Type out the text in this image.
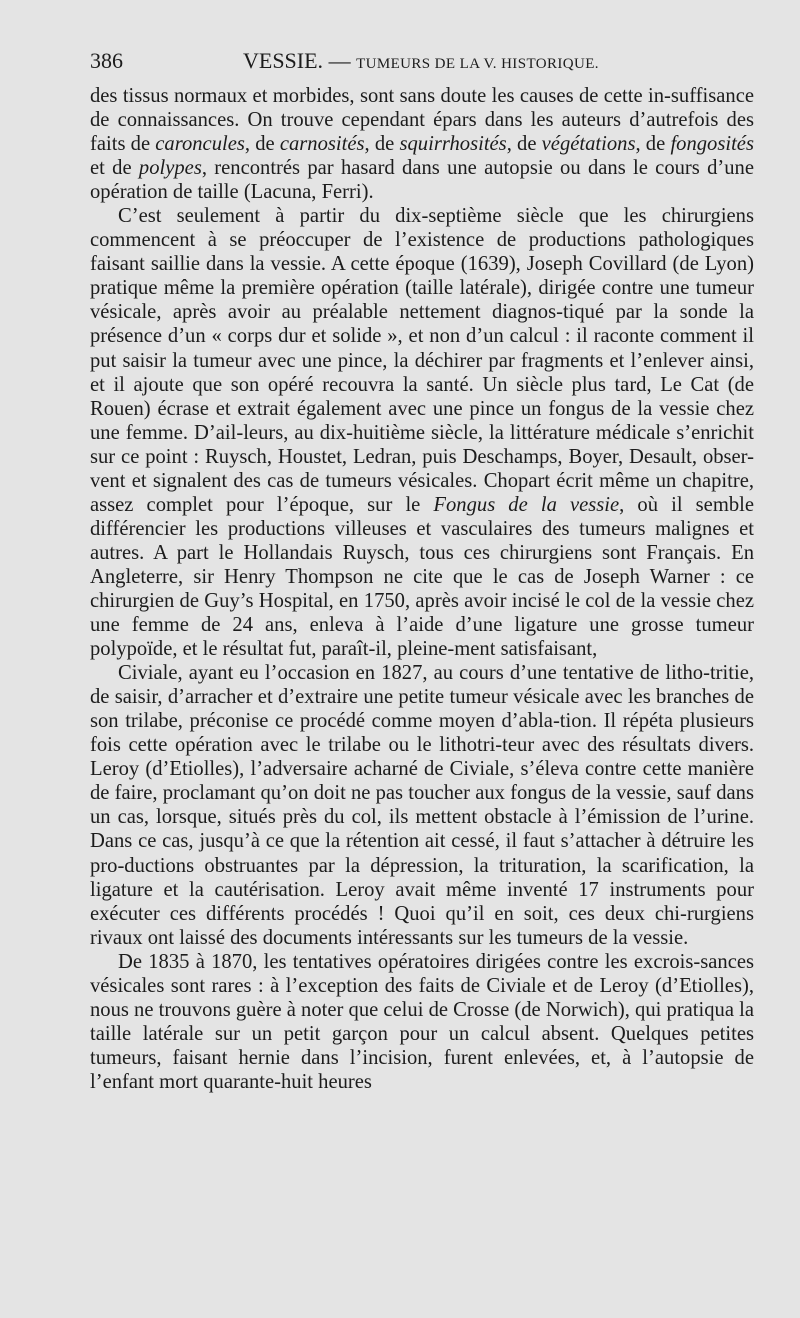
386	VESSIE. — TUMEURS DE LA V. HISTORIQUE.

des tissus normaux et morbides, sont sans doute les causes de cette in-suffisance de connaissances. On trouve cependant épars dans les auteurs d’autrefois des faits de caroncules, de carnosités, de squirrhosités, de végétations, de fongosités et de polypes, rencontrés par hasard dans une autopsie ou dans le cours d’une opération de taille (Lacuna, Ferri).

C’est seulement à partir du dix-septième siècle que les chirurgiens commencent à se préoccuper de l’existence de productions pathologiques faisant saillie dans la vessie. A cette époque (1639), Joseph Covillard (de Lyon) pratique même la première opération (taille latérale), dirigée contre une tumeur vésicale, après avoir au préalable nettement diagnos-tiqué par la sonde la présence d’un « corps dur et solide », et non d’un calcul : il raconte comment il put saisir la tumeur avec une pince, la déchirer par fragments et l’enlever ainsi, et il ajoute que son opéré recouvra la santé. Un siècle plus tard, Le Cat (de Rouen) écrase et extrait également avec une pince un fongus de la vessie chez une femme. D’ail-leurs, au dix-huitième siècle, la littérature médicale s’enrichit sur ce point : Ruysch, Houstet, Ledran, puis Deschamps, Boyer, Desault, obser-vent et signalent des cas de tumeurs vésicales. Chopart écrit même un chapitre, assez complet pour l’époque, sur le Fongus de la vessie, où il semble différencier les productions villeuses et vasculaires des tumeurs malignes et autres. A part le Hollandais Ruysch, tous ces chirurgiens sont Français. En Angleterre, sir Henry Thompson ne cite que le cas de Joseph Warner : ce chirurgien de Guy’s Hospital, en 1750, après avoir incisé le col de la vessie chez une femme de 24 ans, enleva à l’aide d’une ligature une grosse tumeur polypoïde, et le résultat fut, paraît-il, pleine-ment satisfaisant,

Civiale, ayant eu l’occasion en 1827, au cours d’une tentative de litho-tritie, de saisir, d’arracher et d’extraire une petite tumeur vésicale avec les branches de son trilabe, préconise ce procédé comme moyen d’abla-tion. Il répéta plusieurs fois cette opération avec le trilabe ou le lithotri-teur avec des résultats divers. Leroy (d’Etiolles), l’adversaire acharné de Civiale, s’éleva contre cette manière de faire, proclamant qu’on doit ne pas toucher aux fongus de la vessie, sauf dans un cas, lorsque, situés près du col, ils mettent obstacle à l’émission de l’urine. Dans ce cas, jusqu’à ce que la rétention ait cessé, il faut s’attacher à détruire les pro-ductions obstruantes par la dépression, la trituration, la scarification, la ligature et la cautérisation. Leroy avait même inventé 17 instruments pour exécuter ces différents procédés ! Quoi qu’il en soit, ces deux chi-rurgiens rivaux ont laissé des documents intéressants sur les tumeurs de la vessie.

De 1835 à 1870, les tentatives opératoires dirigées contre les excrois-sances vésicales sont rares : à l’exception des faits de Civiale et de Leroy (d’Etiolles), nous ne trouvons guère à noter que celui de Crosse (de Norwich), qui pratiqua la taille latérale sur un petit garçon pour un calcul absent. Quelques petites tumeurs, faisant hernie dans l’incision, furent enlevées, et, à l’autopsie de l’enfant mort quarante-huit heures
